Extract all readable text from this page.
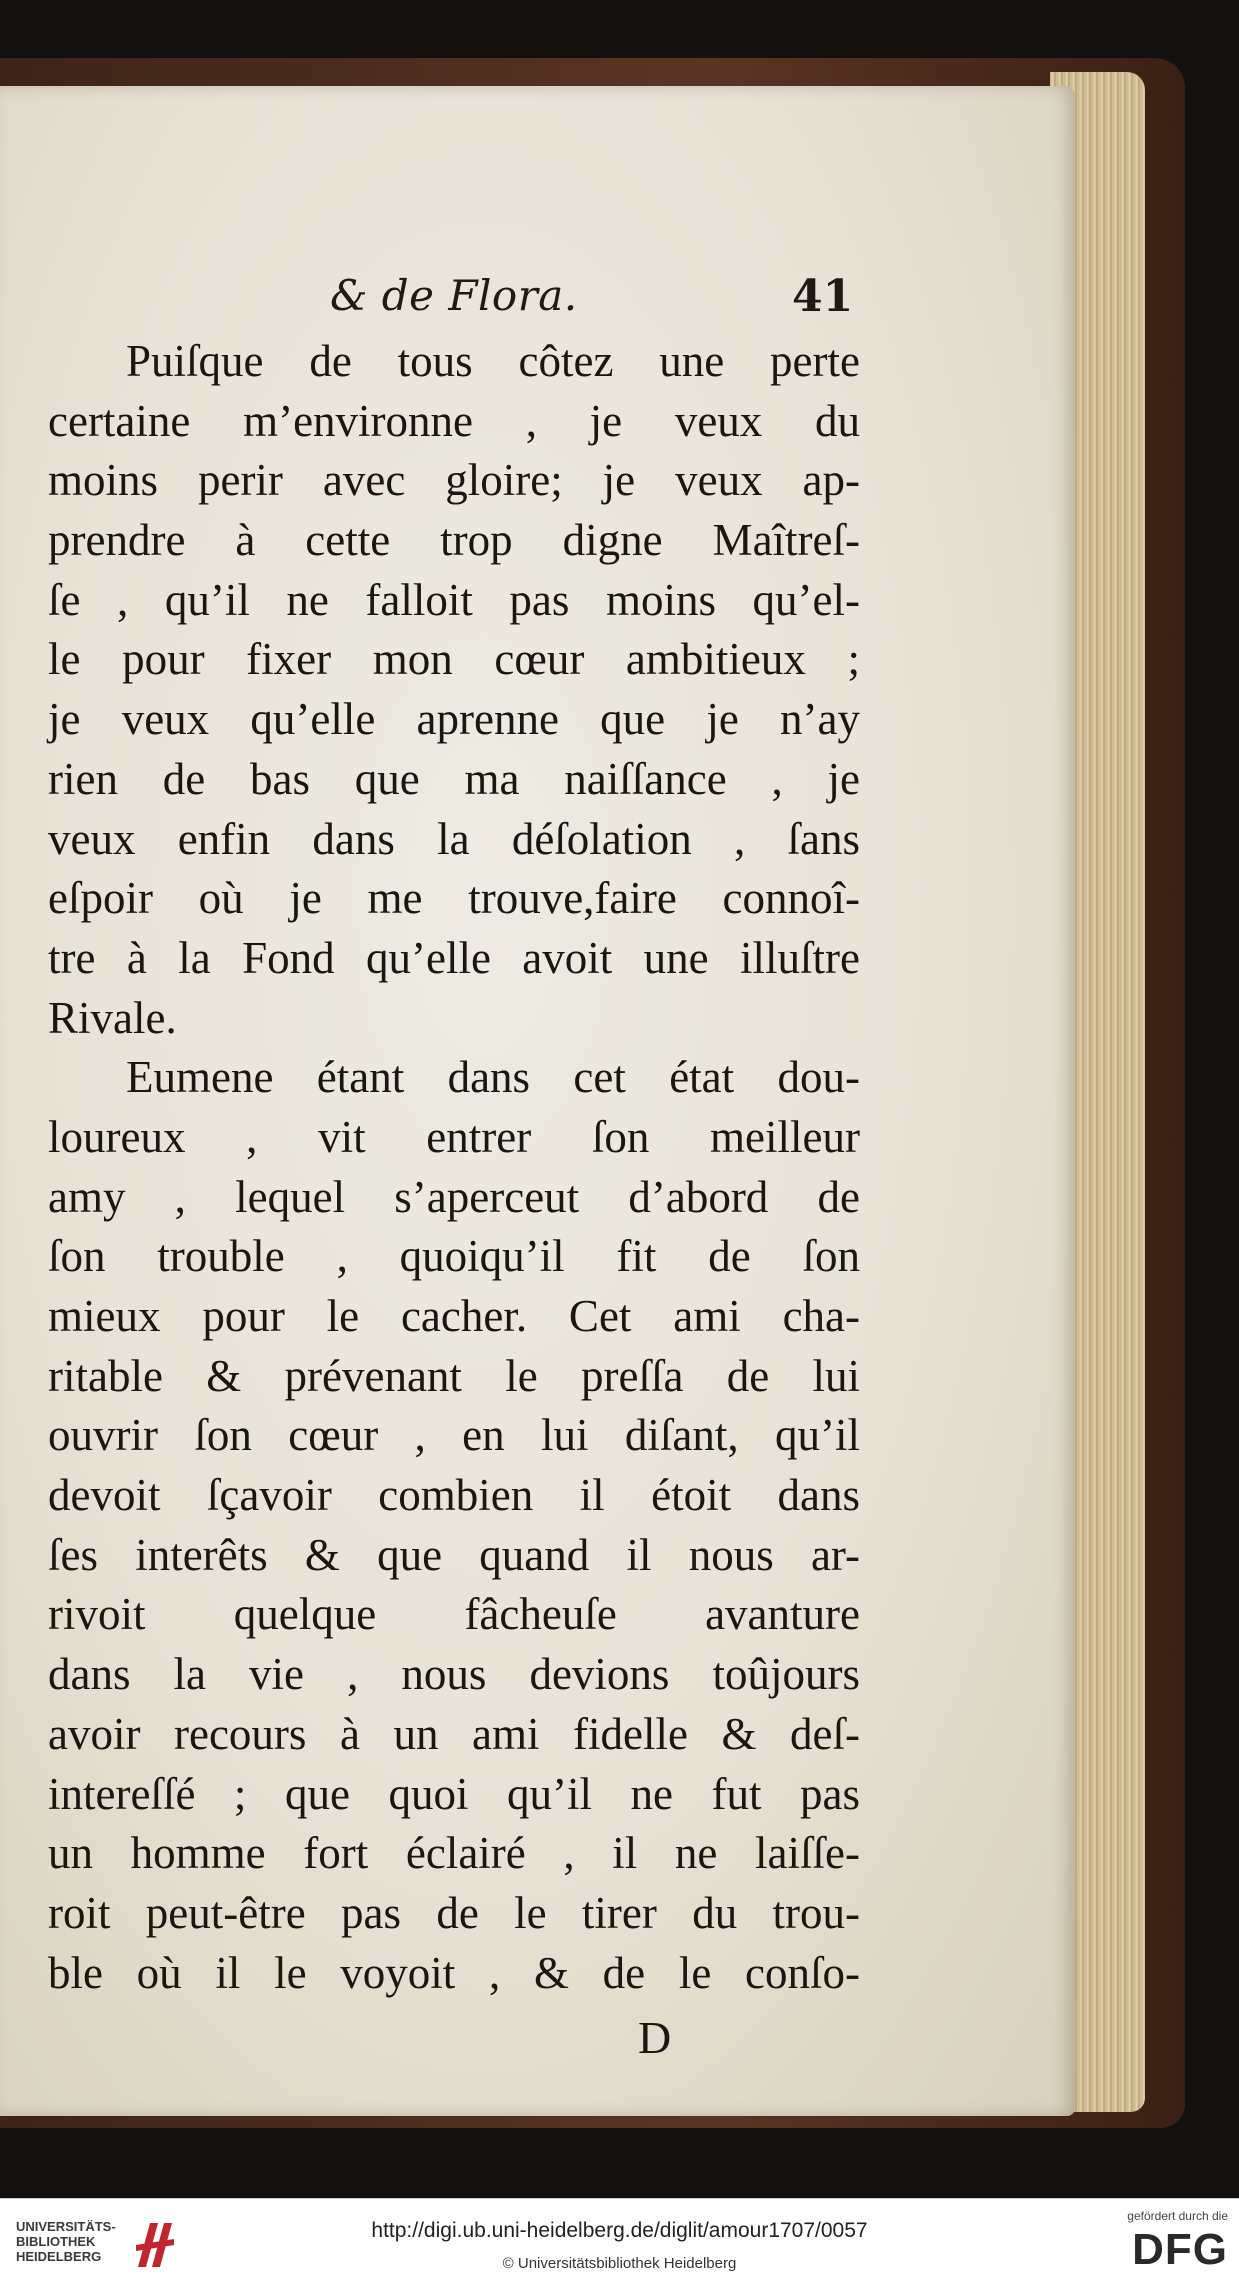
& de Flora.	41
Puiſque de tous côtez une perte
certaine m’environne , je veux du
moins perir avec gloire; je veux ap-
prendre à cette trop digne Maîtreſ-
ſe , qu’il ne falloit pas moins qu’el-
le pour fixer mon cœur ambitieux ;
je veux qu’elle aprenne que je n’ay
rien de bas que ma naiſſance , je
veux enfin dans la déſolation , ſans
eſpoir où je me trouve,faire connoî-
tre à la Fond qu’elle avoit une illuſtre
Rivale.
Eumene étant dans cet état dou-
loureux , vit entrer ſon meilleur
amy , lequel s’aperceut d’abord de
ſon trouble , quoiqu’il fit de ſon
mieux pour le cacher. Cet ami cha-
ritable & prévenant le preſſa de lui
ouvrir ſon cœur , en lui diſant, qu’il
devoit ſçavoir combien il étoit dans
ſes interêts & que quand il nous ar-
rivoit quelque fâcheuſe avanture
dans la vie , nous devions toûjours
avoir recours à un ami fidelle & deſ-
intereſſé ; que quoi qu’il ne fut pas
un homme fort éclairé , il ne laiſſe-
roit peut-être pas de le tirer du trou-
ble où il le voyoit , & de le conſo-
D
UNIVERSITÄTS-
BIBLIOTHEK
HEIDELBERG
http://digi.ub.uni-heidelberg.de/diglit/amour1707/0057
© Universitätsbibliothek Heidelberg
gefördert durch die
DFG
